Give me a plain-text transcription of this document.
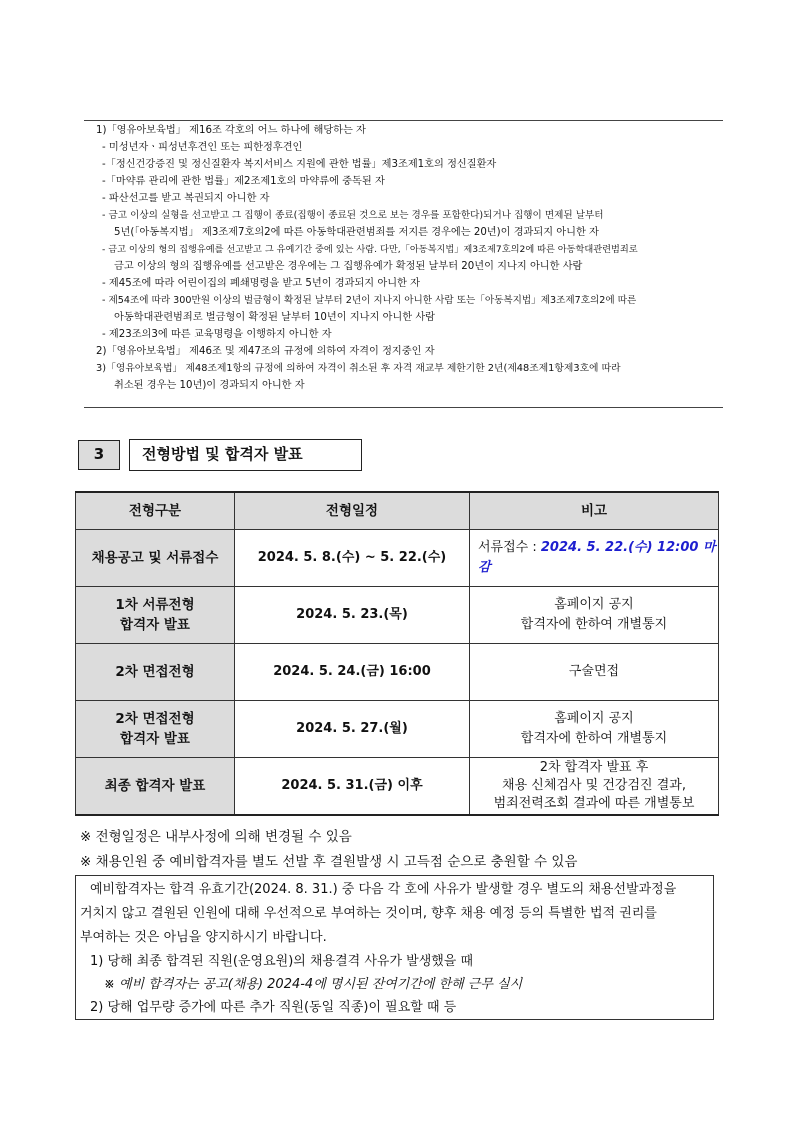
1)「영유아보육법」 제16조 각호의 어느 하나에 해당하는 자
- 미성년자ㆍ피성년후견인 또는 피한정후견인
-「정신건강증진 및 정신질환자 복지서비스 지원에 관한 법률」제3조제1호의 정신질환자
-「마약류 관리에 관한 법률」제2조제1호의 마약류에 중독된 자
- 파산선고를 받고 복권되지 아니한 자
- 금고 이상의 실형을 선고받고 그 집행이 종료(집행이 종료된 것으로 보는 경우를 포함한다)되거나 집행이 면제된 날부터
5년(「아동복지법」 제3조제7호의2에 따른 아동학대관련범죄를 저지른 경우에는 20년)이 경과되지 아니한 자
- 금고 이상의 형의 집행유예를 선고받고 그 유예기간 중에 있는 사람. 다만,「아동복지법」제3조제7호의2에 따른 아동학대관련범죄로
금고 이상의 형의 집행유예를 선고받은 경우에는 그 집행유예가 확정된 날부터 20년이 지나지 아니한 사람
- 제45조에 따라 어린이집의 폐쇄명령을 받고 5년이 경과되지 아니한 자
- 제54조에 따라 300만원 이상의 벌금형이 확정된 날부터 2년이 지나지 아니한 사람 또는「아동복지법」제3조제7호의2에 따른
아동학대관련범죄로 벌금형이 확정된 날부터 10년이 지나지 아니한 사람
- 제23조의3에 따른 교육명령을 이행하지 아니한 자
2)「영유아보육법」 제46조 및 제47조의 규정에 의하여 자격이 정지중인 자
3)「영유아보육법」 제48조제1항의 규정에 의하여 자격이 취소된 후 자격 재교부 제한기한 2년(제48조제1항제3호에 따라
취소된 경우는 10년)이 경과되지 아니한 자
3	전형방법 및 합격자 발표
전형구분	전형일정	비고

채용공고 및 서류접수	2024. 5. 8.(수) ~ 5. 22.(수)	서류접수 : 2024. 5. 22.(수) 12:00 마감

1차 서류전형
합격자 발표	2024. 5. 23.(목)	홈페이지 공지
합격자에 한하여 개별통지

2차 면접전형	2024. 5. 24.(금) 16:00	구술면접

2차 면접전형
합격자 발표	2024. 5. 27.(월)	홈페이지 공지
합격자에 한하여 개별통지

최종 합격자 발표	2024. 5. 31.(금) 이후	2차 합격자 발표 후
채용 신체검사 및 건강검진 결과,
범죄전력조회 결과에 따른 개별통보
※ 전형일정은 내부사정에 의해 변경될 수 있음
※ 채용인원 중 예비합격자를 별도 선발 후 결원발생 시 고득점 순으로 충원할 수 있음
예비합격자는 합격 유효기간(2024. 8. 31.) 중 다음 각 호에 사유가 발생할 경우 별도의 채용선발과정을
거치지 않고 결원된 인원에 대해 우선적으로 부여하는 것이며, 향후 채용 예정 등의 특별한 법적 권리를
부여하는 것은 아님을 양지하시기 바랍니다.
1) 당해 최종 합격된 직원(운영요원)의 채용결격 사유가 발생했을 때
※ 예비 합격자는 공고(채용) 2024-4에 명시된 잔여기간에 한해 근무 실시
2) 당해 업무량 증가에 따른 추가 직원(동일 직종)이 필요할 때 등
